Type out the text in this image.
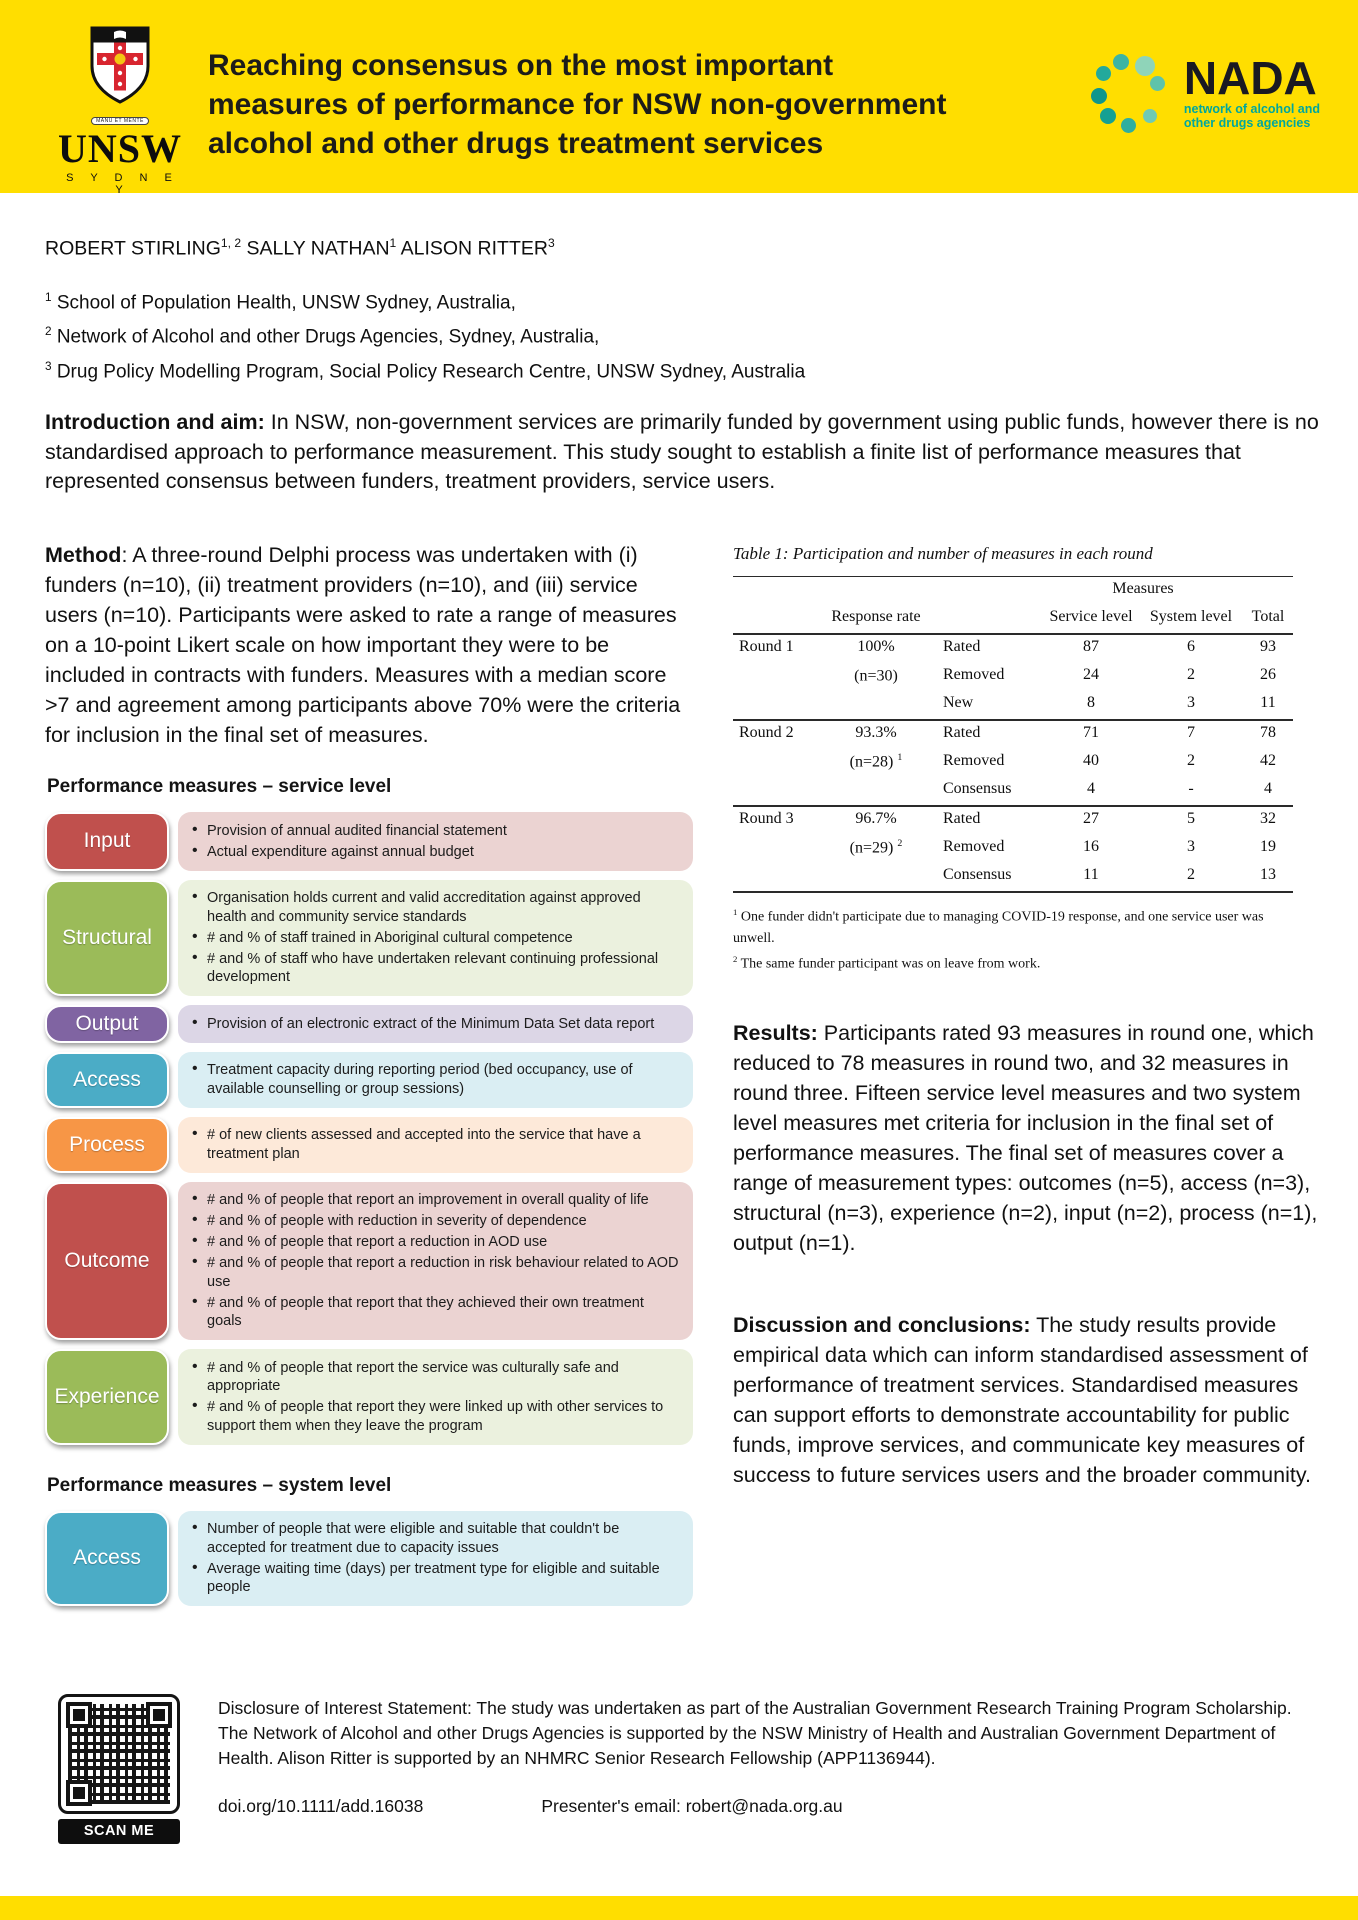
MANU ET MENTE
UNSW
S Y D N E Y
Reaching consensus on the most important
measures of performance for NSW non-government
alcohol and other drugs treatment services
NADA
network of alcohol and
other drugs agencies
ROBERT STIRLING$^{1, 2}$ SALLY NATHAN$^1$ ALISON RITTER$^3$
$^1$ School of Population Health, UNSW Sydney, Australia,
$^2$ Network of Alcohol and other Drugs Agencies, Sydney, Australia,
$^3$ Drug Policy Modelling Program, Social Policy Research Centre, UNSW Sydney, Australia
Introduction and aim: In NSW, non-government services are primarily funded by government using public funds, however there is no standardised approach to performance measurement. This study sought to establish a finite list of performance measures that represented consensus between funders, treatment providers, service users.
Method: A three-round Delphi process was undertaken with (i) funders (n=10), (ii) treatment providers (n=10), and (iii) service users (n=10). Participants were asked to rate a range of measures on a 10-point Likert scale on how important they were to be included in contracts with funders. Measures with a median score >7 and agreement among participants above 70% were the criteria for inclusion in the final set of measures.
Performance measures – service level
Input	• Provision of annual audited financial statement
• Actual expenditure against annual budget
Structural
• Organisation holds current and valid accreditation against approved health and community service standards
• # and % of staff trained in Aboriginal cultural competence
• # and % of staff who have undertaken relevant continuing professional development
Output	• Provision of an electronic extract of the Minimum Data Set data report
Access	• Treatment capacity during reporting period (bed occupancy, use of available counselling or group sessions)
Process	• # of new clients assessed and accepted into the service that have a treatment plan
Outcome
• # and % of people that report an improvement in overall quality of life
• # and % of people with reduction in severity of dependence
• # and % of people that report a reduction in AOD use
• # and % of people that report a reduction in risk behaviour related to AOD use
• # and % of people that report that they achieved their own treatment goals
Experience
• # and % of people that report the service was culturally safe and appropriate
• # and % of people that report they were linked up with other services to support them when they leave the program
Performance measures – system level
Access
• Number of people that were eligible and suitable that couldn't be accepted for treatment due to capacity issues
• Average waiting time (days) per treatment type for eligible and suitable people
Table 1: Participation and number of measures in each round
			Measures		
	Response rate		Service level	System level	Total
Round 1	100%	Rated	87	6	93
	(n=30)	Removed	24	2	26
		New	8	3	11
Round 2	93.3%	Rated	71	7	78
	(n=28) $^1$	Removed	40	2	42
		Consensus	4	-	4
Round 3	96.7%	Rated	27	5	32
	(n=29) $^2$	Removed	16	3	19
		Consensus	11	2	13
$^1$ One funder didn't participate due to managing COVID-19 response, and one service user was unwell.
$^2$ The same funder participant was on leave from work.
Results: Participants rated 93 measures in round one, which reduced to 78 measures in round two, and 32 measures in round three. Fifteen service level measures and two system level measures met criteria for inclusion in the final set of performance measures. The final set of measures cover a range of measurement types: outcomes (n=5), access (n=3), structural (n=3), experience (n=2), input (n=2), process (n=1), output (n=1).
Discussion and conclusions: The study results provide empirical data which can inform standardised assessment of performance of treatment services. Standardised measures can support efforts to demonstrate accountability for public funds, improve services, and communicate key measures of success to future services users and the broader community.
SCAN ME
Disclosure of Interest Statement: The study was undertaken as part of the Australian Government Research Training Program Scholarship. The Network of Alcohol and other Drugs Agencies is supported by the NSW Ministry of Health and Australian Government Department of Health. Alison Ritter is supported by an NHMRC Senior Research Fellowship (APP1136944).
doi.org/10.1111/add.16038	Presenter's email: robert@nada.org.au
